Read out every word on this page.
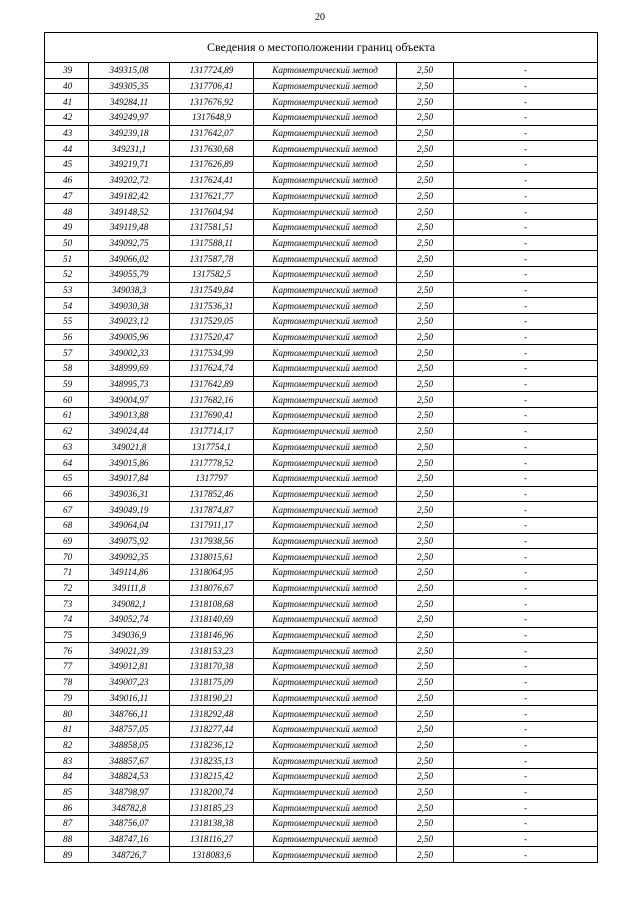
20
Сведения о местоположении границ объекта					
39	349315,08	1317724,89	Картометрический метод	2,50	-
40	349305,35	1317706,41	Картометрический метод	2,50	-
41	349284,11	1317676,92	Картометрический метод	2,50	-
42	349249,97	1317648,9	Картометрический метод	2,50	-
43	349239,18	1317642,07	Картометрический метод	2,50	-
44	349231,1	1317630,68	Картометрический метод	2,50	-
45	349219,71	1317626,89	Картометрический метод	2,50	-
46	349202,72	1317624,41	Картометрический метод	2,50	-
47	349182,42	1317621,77	Картометрический метод	2,50	-
48	349148,52	1317604,94	Картометрический метод	2,50	-
49	349119,48	1317581,51	Картометрический метод	2,50	-
50	349092,75	1317588,11	Картометрический метод	2,50	-
51	349066,02	1317587,78	Картометрический метод	2,50	-
52	349055,79	1317582,5	Картометрический метод	2,50	-
53	349038,3	1317549,84	Картометрический метод	2,50	-
54	349030,38	1317536,31	Картометрический метод	2,50	-
55	349023,12	1317529,05	Картометрический метод	2,50	-
56	349005,96	1317520,47	Картометрический метод	2,50	-
57	349002,33	1317534,99	Картометрический метод	2,50	-
58	348999,69	1317624,74	Картометрический метод	2,50	-
59	348995,73	1317642,89	Картометрический метод	2,50	-
60	349004,97	1317682,16	Картометрический метод	2,50	-
61	349013,88	1317690,41	Картометрический метод	2,50	-
62	349024,44	1317714,17	Картометрический метод	2,50	-
63	349021,8	1317754,1	Картометрический метод	2,50	-
64	349015,86	1317778,52	Картометрический метод	2,50	-
65	349017,84	1317797	Картометрический метод	2,50	-
66	349036,31	1317852,46	Картометрический метод	2,50	-
67	349049,19	1317874,87	Картометрический метод	2,50	-
68	349064,04	1317911,17	Картометрический метод	2,50	-
69	349075,92	1317938,56	Картометрический метод	2,50	-
70	349092,35	1318015,61	Картометрический метод	2,50	-
71	349114,86	1318064,95	Картометрический метод	2,50	-
72	349111,8	1318076,67	Картометрический метод	2,50	-
73	349082,1	1318108,68	Картометрический метод	2,50	-
74	349052,74	1318140,69	Картометрический метод	2,50	-
75	349036,9	1318146,96	Картометрический метод	2,50	-
76	349021,39	1318153,23	Картометрический метод	2,50	-
77	349012,81	1318170,38	Картометрический метод	2,50	-
78	349007,23	1318175,09	Картометрический метод	2,50	-
79	349016,11	1318190,21	Картометрический метод	2,50	-
80	348766,11	1318292,48	Картометрический метод	2,50	-
81	348757,05	1318277,44	Картометрический метод	2,50	-
82	348858,05	1318236,12	Картометрический метод	2,50	-
83	348857,67	1318235,13	Картометрический метод	2,50	-
84	348824,53	1318215,42	Картометрический метод	2,50	-
85	348798,97	1318200,74	Картометрический метод	2,50	-
86	348782,8	1318185,23	Картометрический метод	2,50	-
87	348756,07	1318138,38	Картометрический метод	2,50	-
88	348747,16	1318116,27	Картометрический метод	2,50	-
89	348726,7	1318083,6	Картометрический метод	2,50	-
